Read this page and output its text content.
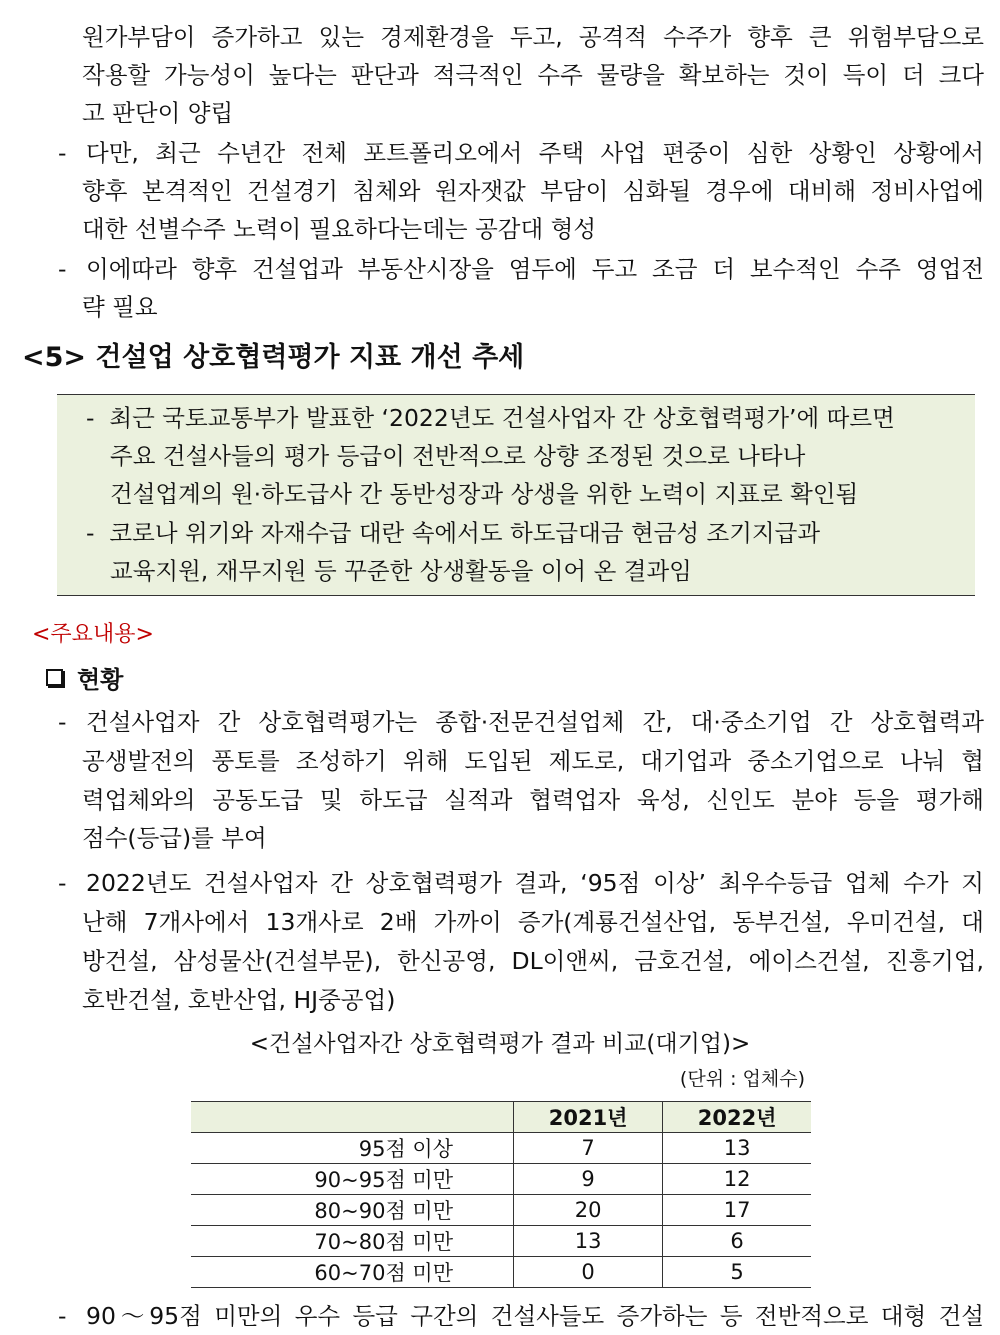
원가부담이 증가하고 있는 경제환경을 두고, 공격적 수주가 향후 큰 위험부담으로
작용할 가능성이 높다는 판단과 적극적인 수주 물량을 확보하는 것이 득이 더 크다
고 판단이 양립
- 다만, 최근 수년간 전체 포트폴리오에서 주택 사업 편중이 심한 상황인 상황에서
향후 본격적인 건설경기 침체와 원자잿값 부담이 심화될 경우에 대비해 정비사업에
대한 선별수주 노력이 필요하다는데는 공감대 형성
- 이에따라 향후 건설업과 부동산시장을 염두에 두고 조금 더 보수적인 수주 영업전
략 필요
<5> 건설업 상호협력평가 지표 개선 추세
-  최근 국토교통부가 발표한 ‘2022년도 건설사업자 간 상호협력평가’에 따르면
주요 건설사들의 평가 등급이 전반적으로 상향 조정된 것으로 나타나
건설업계의 원·하도급사 간 동반성장과 상생을 위한 노력이 지표로 확인됨
-  코로나 위기와 자재수급 대란 속에서도 하도급대금 현금성 조기지급과
교육지원, 재무지원 등 꾸준한 상생활동을 이어 온 결과임
<주요내용>
현황
- 건설사업자 간 상호협력평가는 종합·전문건설업체 간, 대·중소기업 간 상호협력과
공생발전의 풍토를 조성하기 위해 도입된 제도로, 대기업과 중소기업으로 나눠 협
력업체와의 공동도급 및 하도급 실적과 협력업자 육성, 신인도 분야 등을 평가해
점수(등급)를 부여
- 2022년도 건설사업자 간 상호협력평가 결과, ‘95점 이상’ 최우수등급 업체 수가 지
난해 7개사에서 13개사로 2배 가까이 증가(계룡건설산업, 동부건설, 우미건설, 대
방건설, 삼성물산(건설부문), 한신공영, DL이앤씨, 금호건설, 에이스건설, 진흥기업,
호반건설, 호반산업, HJ중공업)
<건설사업자간 상호협력평가 결과 비교(대기업)>
(단위 : 업체수)
	2021년	2022년
95점 이상	7	13
90~95점 미만	9	12
80~90점 미만	20	17
70~80점 미만	13	6
60~70점 미만	0	5
- 90～95점 미만의 우수 등급 구간의 건설사들도 증가하는 등 전반적으로 대형 건설
